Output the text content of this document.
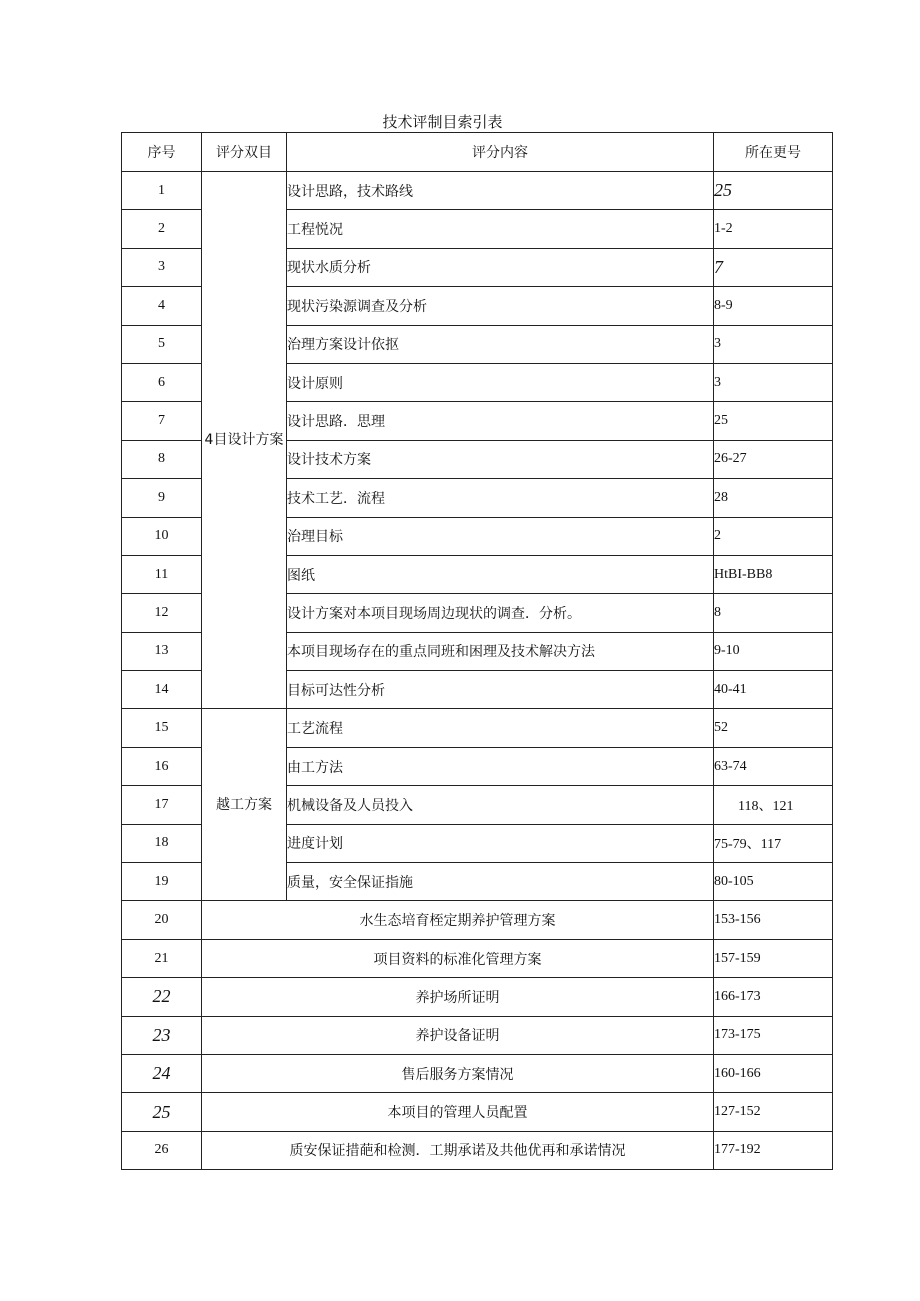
技术评制目索引表
序号	评分双目	评分内容	所在更号
1	4目设计方案	设计思路，技术路线	25
2		工程悦况	1-2
3		现状水质分析	7
4		现状污染源调查及分析	8-9
5		治理方案设计依抠	3
6		设计原则	3
7		设计思路．思理	25
8		设计技术方案	26-27
9		技术工艺．流程	28
10		治理目标	2
11		图纸	HtBI-BB8
12		设计方案对本项目现场周边现状的调查．分析。	8
13		本项目现场存在的重点同班和困理及技术解决方法	9-10
14		目标可达性分析	40-41
15	越工方案	工艺流程	52
16		由工方法	63-74
17		机械设备及人员投入	118、121
18		进度计划	75-79、117
19		质量，安全保证指施	80-105
20	水生态培育桎定期养护管理方案		153-156
21	项目资料的标准化管理方案		157-159
22	养护场所证明		166-173
23	养护设备证明		173-175
24	售后服务方案情况		160-166
25	本项目的管理人员配置		127-152
26	质安保证措葩和检测．工期承诺及共他优再和承诺情况		177-192
